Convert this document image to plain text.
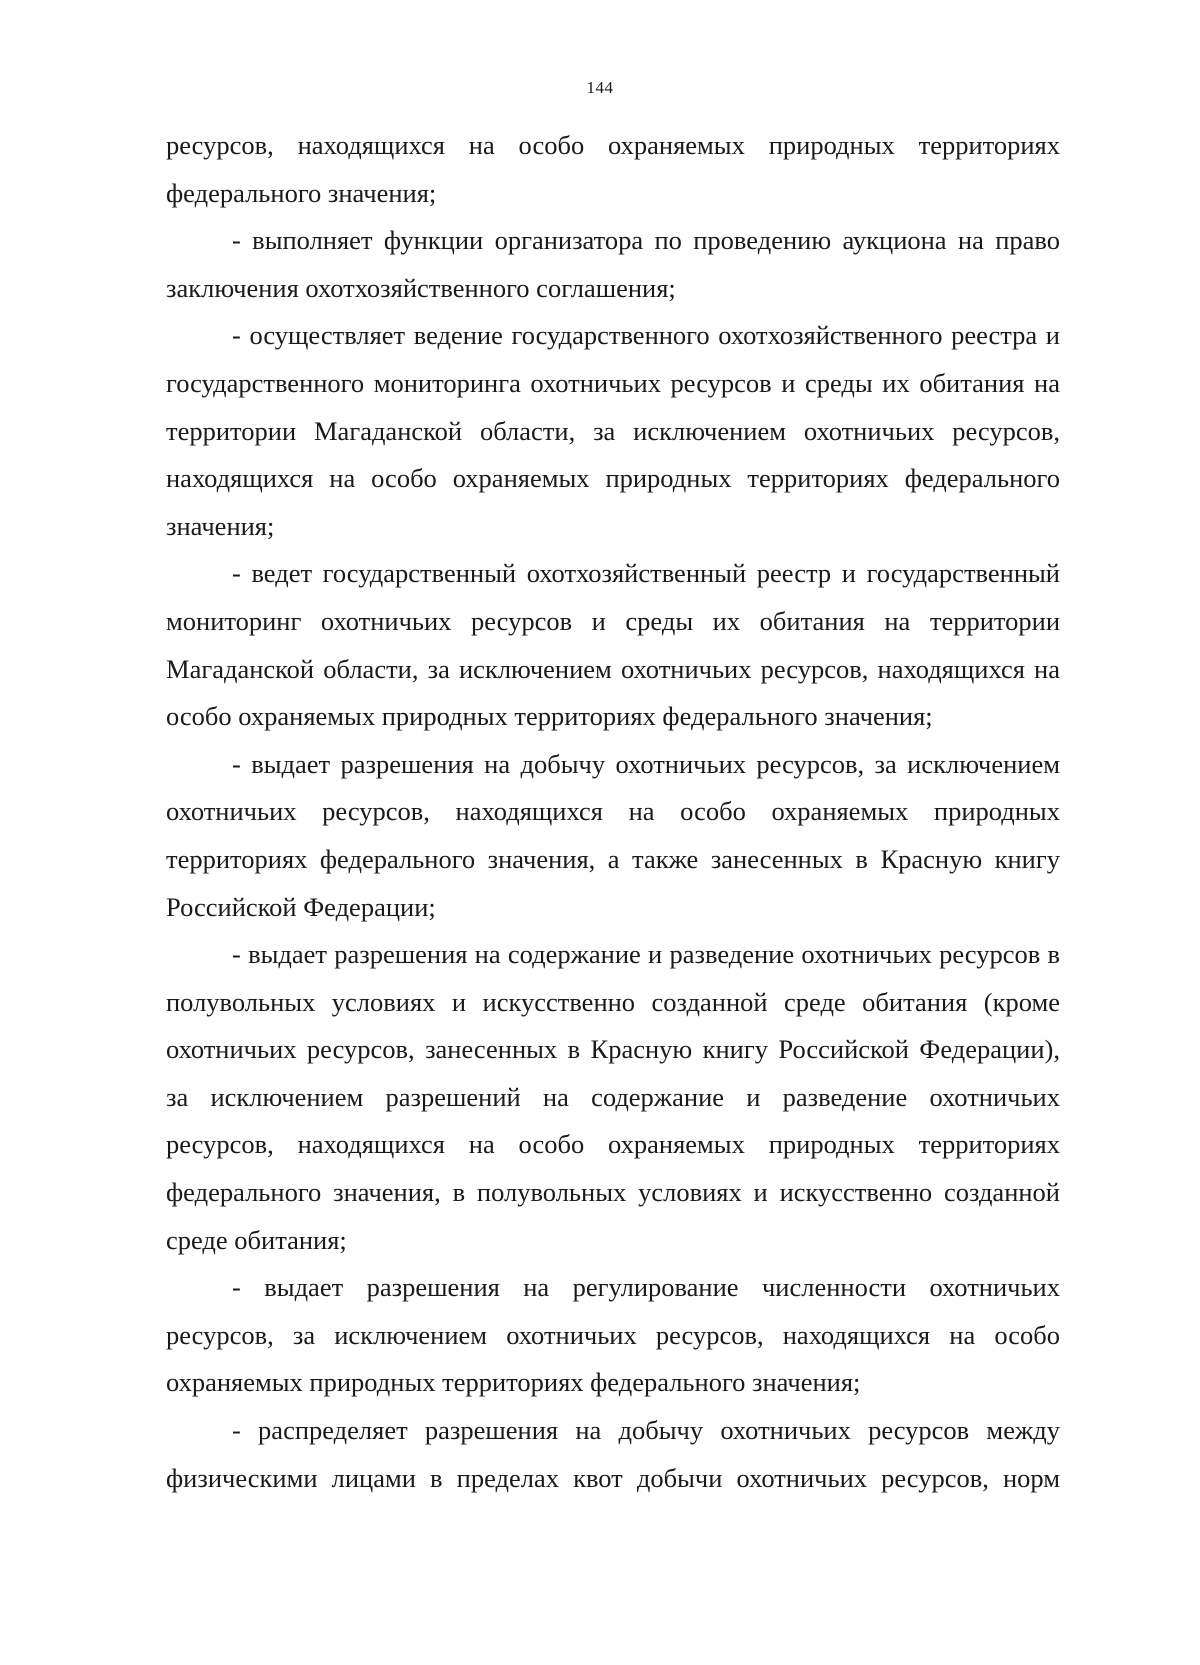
144

ресурсов, находящихся на особо охраняемых природных территориях федерального значения;

- выполняет функции организатора по проведению аукциона на право заключения охотхозяйственного соглашения;

- осуществляет ведение государственного охотхозяйственного реестра и государственного мониторинга охотничьих ресурсов и среды их обитания на территории Магаданской области, за исключением охотничьих ресурсов, находящихся на особо охраняемых природных территориях федерального значения;

- ведет государственный охотхозяйственный реестр и государственный мониторинг охотничьих ресурсов и среды их обитания на территории Магаданской области, за исключением охотничьих ресурсов, находящихся на особо охраняемых природных территориях федерального значения;

- выдает разрешения на добычу охотничьих ресурсов, за исключением охотничьих ресурсов, находящихся на особо охраняемых природных территориях федерального значения, а также занесенных в Красную книгу Российской Федерации;

- выдает разрешения на содержание и разведение охотничьих ресурсов в полувольных условиях и искусственно созданной среде обитания (кроме охотничьих ресурсов, занесенных в Красную книгу Российской Федерации), за исключением разрешений на содержание и разведение охотничьих ресурсов, находящихся на особо охраняемых природных территориях федерального значения, в полувольных условиях и искусственно созданной среде обитания;

- выдает разрешения на регулирование численности охотничьих ресурсов, за исключением охотничьих ресурсов, находящихся на особо охраняемых природных территориях федерального значения;

- распределяет разрешения на добычу охотничьих ресурсов между физическими лицами в пределах квот добычи охотничьих ресурсов, норм
